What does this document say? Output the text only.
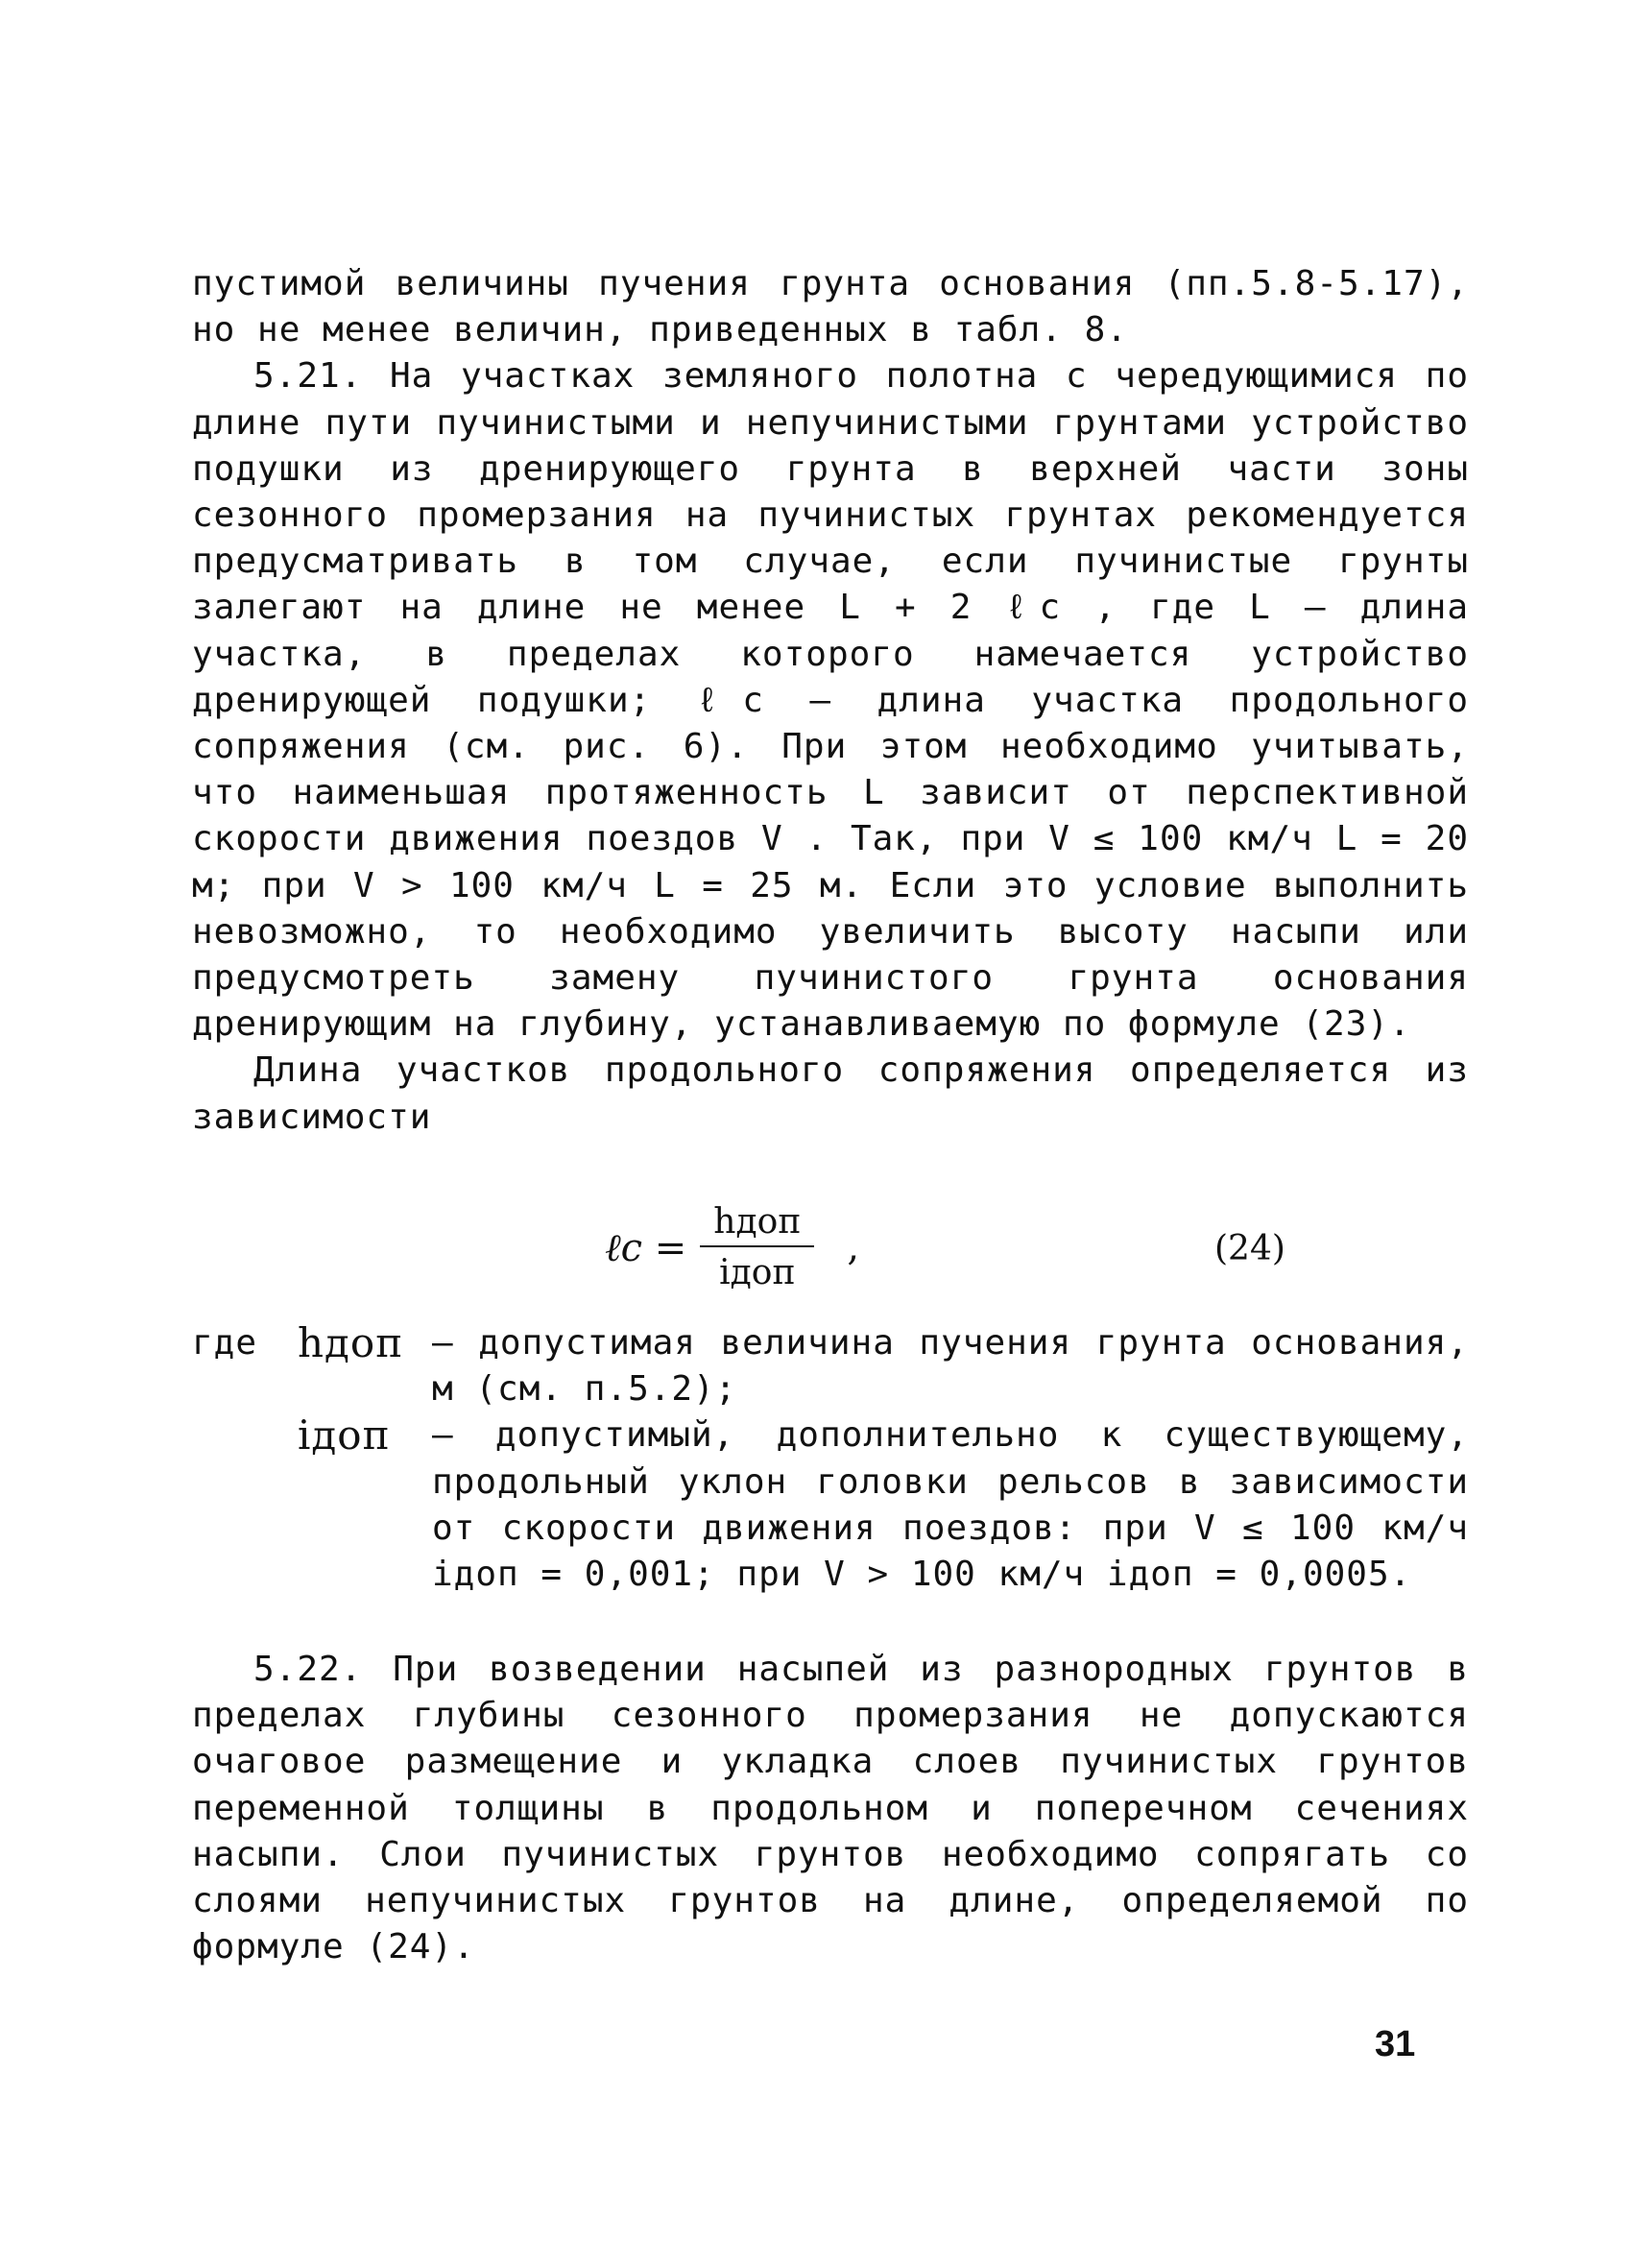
пустимой величины пучения грунта основания (пп.5.8-5.17), но не менее величин, приведенных в табл. 8.

5.21. На участках земляного полотна с чередующимися по длине пути пучинистыми и непучинистыми грунтами устройство подушки из дренирующего грунта в верхней части зоны сезонного промерзания на пучинистых грунтах рекомендуется предусматривать в том случае, если пучинистые грунты залегают на длине не менее L + 2 ℓc , где L – длина участка, в пределах которого намечается устройство дренирующей подушки; ℓc – длина участка продольного сопряжения (см. рис. 6). При этом необходимо учитывать, что наименьшая протяженность L зависит от перспективной скорости движения поездов V . Так, при V ≤ 100 км/ч L = 20 м; при V > 100 км/ч L = 25 м. Если это условие выполнить невозможно, то необходимо увеличить высоту насыпи или предусмотреть замену пучинистого грунта основания дренирующим на глубину, устанавливаемую по формуле (23).

Длина участков продольного сопряжения определяется из зависимости

ℓc = $\frac{\text{hдоп}}{\text{iдоп}}$ ,	(24)
где hдоп – допустимая величина пучения грунта основания, м (см. п.5.2);
iдоп	– допустимый, дополнительно к существующему, продольный уклон головки рельсов в зависимости от скорости движения поездов: при V ≤ 100 км/ч iдоп = 0,001; при V > 100 км/ч iдоп = 0,0005.

5.22. При возведении насыпей из разнородных грунтов в пределах глубины сезонного промерзания не допускаются очаговое размещение и укладка слоев пучинистых грунтов переменной толщины в продольном и поперечном сечениях насыпи. Слои пучинистых грунтов необходимо сопрягать со слоями непучинистых грунтов на длине, определяемой по формуле (24).

31
